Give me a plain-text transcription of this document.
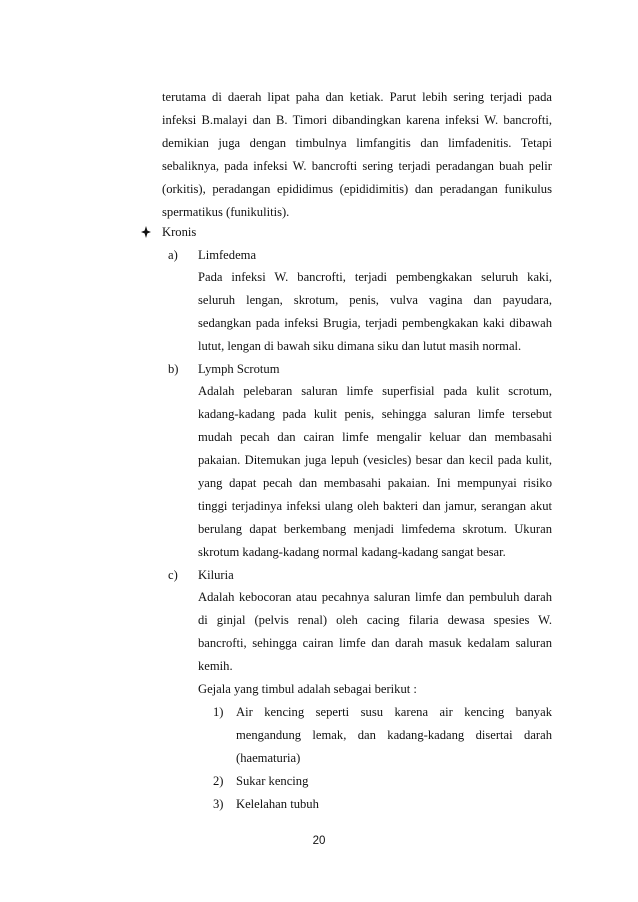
terutama di daerah lipat paha dan ketiak. Parut lebih sering terjadi pada
infeksi B.malayi dan B. Timori dibandingkan karena infeksi W. bancrofti,
demikian juga dengan timbulnya limfangitis dan limfadenitis. Tetapi
sebaliknya, pada infeksi W. bancrofti sering terjadi peradangan buah pelir
(orkitis), peradangan epididimus (epididimitis) dan peradangan funikulus
spermatikus (funikulitis).
Kronis
a) Limfedema
Pada infeksi W. bancrofti, terjadi pembengkakan seluruh kaki,
seluruh lengan, skrotum, penis, vulva vagina dan payudara,
sedangkan pada infeksi Brugia, terjadi pembengkakan kaki dibawah
lutut, lengan di bawah siku dimana siku dan lutut masih normal.
b) Lymph Scrotum
Adalah pelebaran saluran limfe superfisial pada kulit scrotum,
kadang-kadang pada kulit penis, sehingga saluran limfe tersebut
mudah pecah dan cairan limfe mengalir keluar dan membasahi
pakaian. Ditemukan juga lepuh (vesicles) besar dan kecil pada kulit,
yang dapat pecah dan membasahi pakaian. Ini mempunyai risiko
tinggi terjadinya infeksi ulang oleh bakteri dan jamur, serangan akut
berulang dapat berkembang menjadi limfedema skrotum. Ukuran
skrotum kadang-kadang normal kadang-kadang sangat besar.
c) Kiluria
Adalah kebocoran atau pecahnya saluran limfe dan pembuluh darah
di ginjal (pelvis renal) oleh cacing filaria dewasa spesies W.
bancrofti, sehingga cairan limfe dan darah masuk kedalam saluran
kemih.
Gejala yang timbul adalah sebagai berikut :
1) Air kencing seperti susu karena air kencing banyak
mengandung lemak, dan kadang-kadang disertai darah
(haematuria)
2) Sukar kencing
3) Kelelahan tubuh
20
